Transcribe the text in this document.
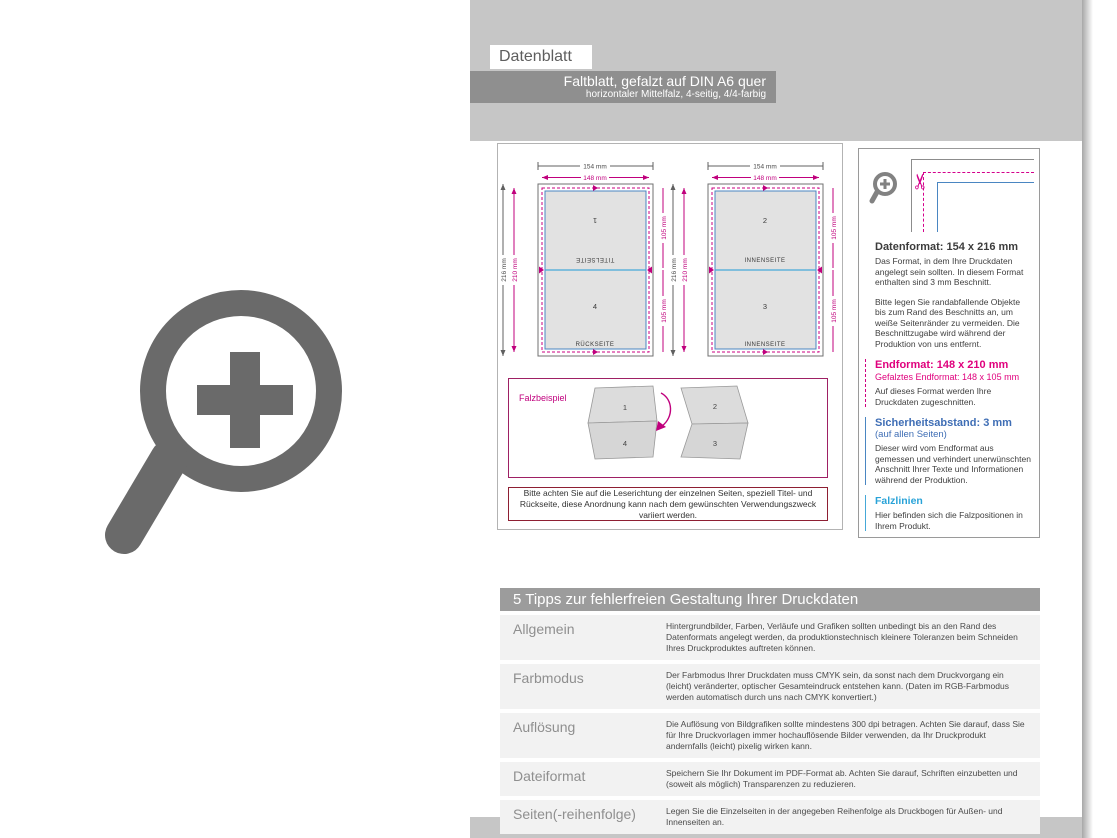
Datenblatt
Faltblatt, gefalzt auf DIN A6 quer
horizontaler Mittelfalz, 4-seitig, 4/4-farbig
154 mm
148 mm
216 mm 210 mm
105 mm
105 mm
1
TITELSEITE
4
RÜCKSEITE
154 mm
148 mm
216 mm 210 mm
105 mm
105 mm
2
INNENSEITE
3
INNENSEITE
Falzbeispiel
1
4
2
3
Bitte achten Sie auf die Leserichtung der einzelnen Seiten, speziell Titel- und Rückseite, diese Anordnung kann nach dem gewünschten Verwendungszweck variiert werden.
✂
Datenformat: 154 x 216 mm

Das Format, in dem Ihre Druckdaten angelegt sein sollten. In diesem Format enthalten sind 3 mm Beschnitt.

Bitte legen Sie randabfallende Objekte bis zum Rand des Beschnitts an, um weiße Seitenränder zu vermeiden. Die Beschnittzugabe wird während der Produktion von uns entfernt.

Endformat: 148 x 210 mm

Gefalztes Endformat: 148 x 105 mm

Auf dieses Format werden Ihre Druckdaten zugeschnitten.

Sicherheitsabstand: 3 mm

(auf allen Seiten)

Dieser wird vom Endformat aus gemessen und verhindert unerwünschten Anschnitt Ihrer Texte und Informationen während der Produktion.

Falzlinien

Hier befinden sich die Falzpositionen in Ihrem Produkt.

5 Tipps zur fehlerfreien Gestaltung Ihrer Druckdaten
Allgemein	Hintergrundbilder, Farben, Verläufe und Grafiken sollten unbedingt bis an den Rand des Datenformats angelegt werden, da produktionstechnisch kleinere Toleranzen beim Schneiden Ihres Druckproduktes auftreten können.
Farbmodus	Der Farbmodus Ihrer Druckdaten muss CMYK sein, da sonst nach dem Druckvorgang ein (leicht) veränderter, optischer Gesamteindruck entstehen kann. (Daten im RGB-Farbmodus werden automatisch durch uns nach CMYK konvertiert.)
Auflösung	Die Auflösung von Bildgrafiken sollte mindestens 300 dpi betragen. Achten Sie darauf, dass Sie für Ihre Druckvorlagen immer hochauflösende Bilder verwenden, da Ihr Druckprodukt andernfalls (leicht) pixelig wirken kann.
Dateiformat	Speichern Sie Ihr Dokument im PDF-Format ab. Achten Sie darauf, Schriften einzubetten und (soweit als möglich) Transparenzen zu reduzieren.
Seiten(-reihenfolge)	Legen Sie die Einzelseiten in der angegeben Reihenfolge als Druckbogen für Außen- und Innenseiten an.
